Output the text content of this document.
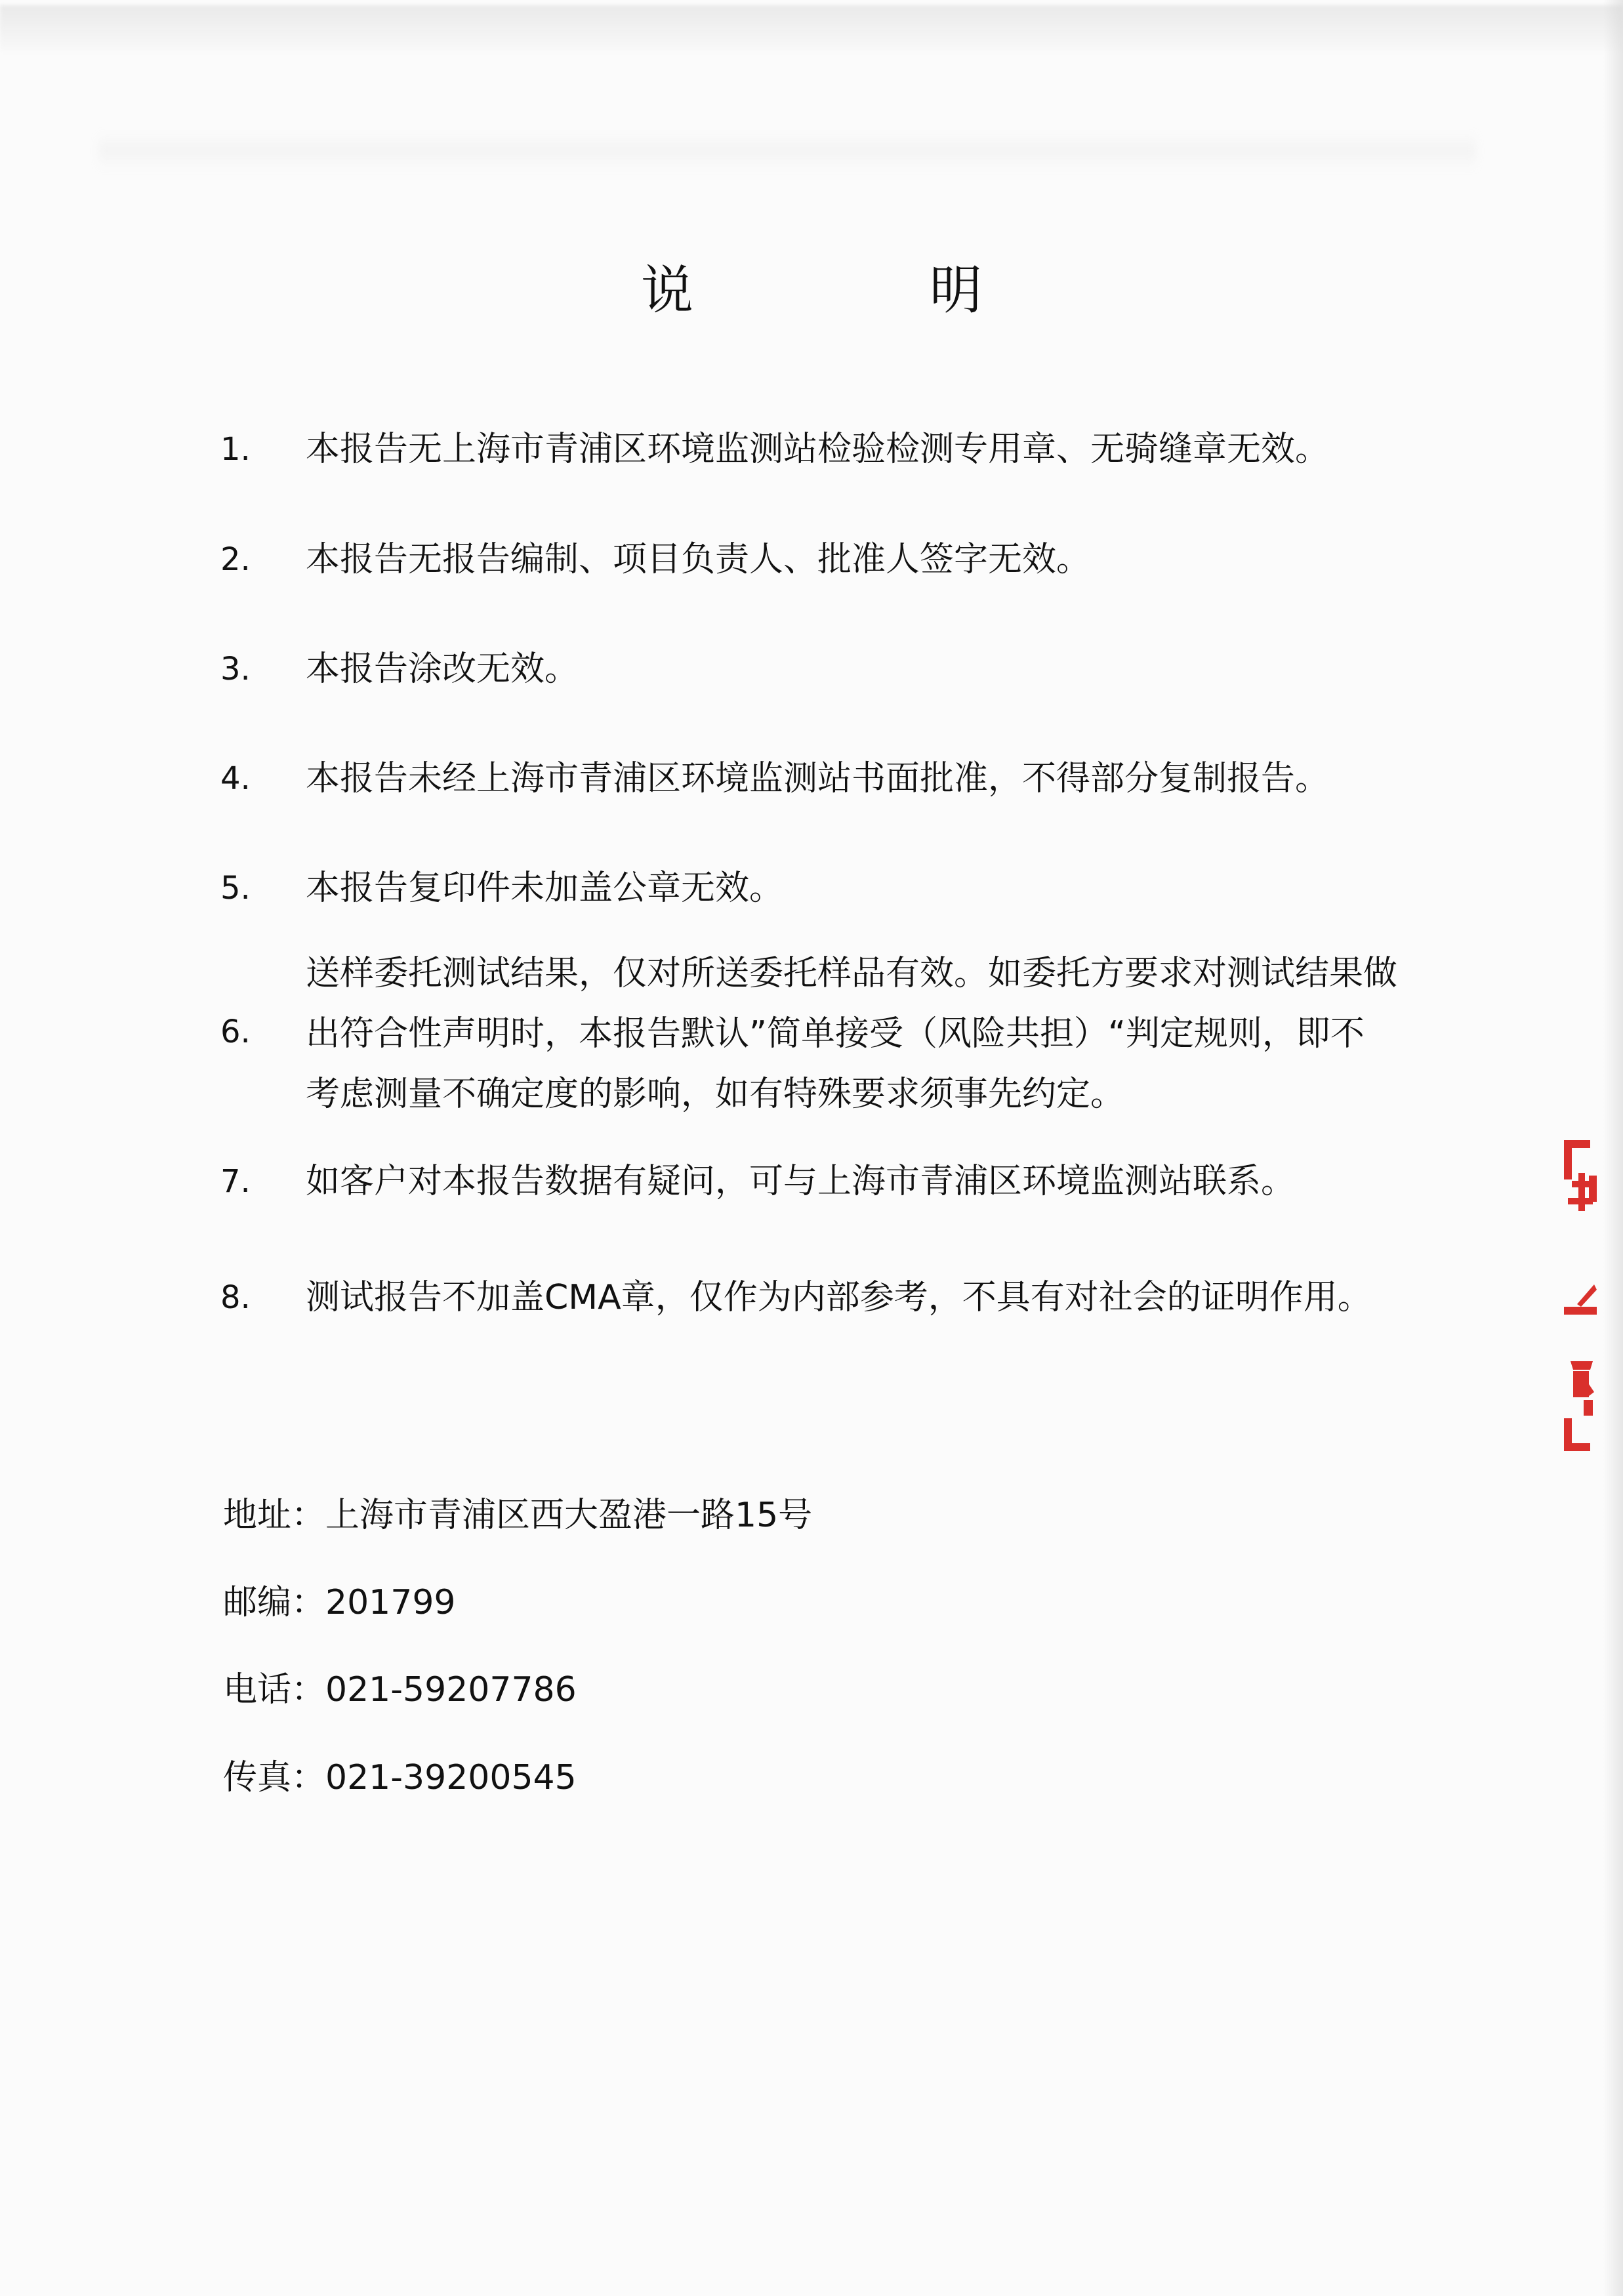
说　明
1. 本报告无上海市青浦区环境监测站检验检测专用章、无骑缝章无效。
2. 本报告无报告编制、项目负责人、批准人签字无效。
3. 本报告涂改无效。
4. 本报告未经上海市青浦区环境监测站书面批准，不得部分复制报告。
5. 本报告复印件未加盖公章无效。
6.
送样委托测试结果，仅对所送委托样品有效。如委托方要求对测试结果做
出符合性声明时，本报告默认”简单接受（风险共担）“判定规则，即不
考虑测量不确定度的影响，如有特殊要求须事先约定。
7. 如客户对本报告数据有疑问，可与上海市青浦区环境监测站联系。
8. 测试报告不加盖CMA章，仅作为内部参考，不具有对社会的证明作用。
地址：上海市青浦区西大盈港一路15号
邮编：201799
电话：021-59207786
传真：021-39200545
